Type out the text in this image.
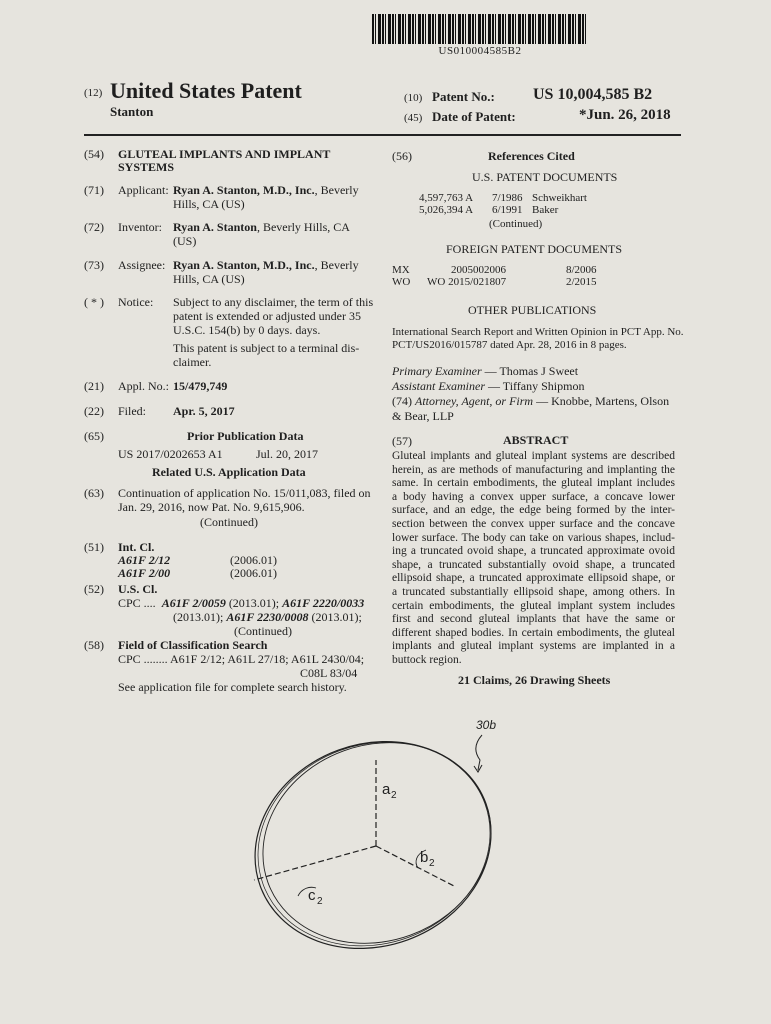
US010004585B2
(12) United States Patent
Stanton
(10) Patent No.: US 10,004,585 B2
(45) Date of Patent:	*Jun. 26, 2018
(54) GLUTEAL IMPLANTS AND IMPLANT
SYSTEMS
(71) Applicant: Ryan A. Stanton, M.D., Inc., Beverly
Hills, CA (US)
(72) Inventor: Ryan A. Stanton, Beverly Hills, CA
(US)
(73) Assignee: Ryan A. Stanton, M.D., Inc., Beverly
Hills, CA (US)
( * ) Notice: Subject to any disclaimer, the term of this
patent is extended or adjusted under 35
U.S.C. 154(b) by 0 days. days.
This patent is subject to a terminal dis-
claimer.
(21) Appl. No.: 15/479,749
(22) Filed: Apr. 5, 2017
(65)	Prior Publication Data
US 2017/0202653 A1	Jul. 20, 2017
Related U.S. Application Data
(63) Continuation of application No. 15/011,083, filed on
Jan. 29, 2016, now Pat. No. 9,615,906.
(Continued)
(51) Int. Cl.
A61F 2/12	(2006.01)
A61F 2/00	(2006.01)
(52) U.S. Cl.
CPC .... A61F 2/0059 (2013.01); A61F 2220/0033
(2013.01); A61F 2230/0008 (2013.01);
(Continued)
(58) Field of Classification Search
CPC ........ A61F 2/12; A61L 27/18; A61L 2430/04;
C08L 83/04
See application file for complete search history.
(56)	References Cited
U.S. PATENT DOCUMENTS
4,597,763 A 7/1986 Schweikhart
5,026,394 A 6/1991 Baker
(Continued)
FOREIGN PATENT DOCUMENTS
MX	2005002006	8/2006
WO WO 2015/021807	2/2015
OTHER PUBLICATIONS
International Search Report and Written Opinion in PCT App. No.
PCT/US2016/015787 dated Apr. 28, 2016 in 8 pages.
Primary Examiner — Thomas J Sweet
Assistant Examiner — Tiffany Shipmon
(74) Attorney, Agent, or Firm — Knobbe, Martens, Olson
& Bear, LLP
(57)	ABSTRACT
Gluteal implants and gluteal implant systems are described
herein, as are methods of manufacturing and implanting the
same. In certain embodiments, the gluteal implant includes
a body having a convex upper surface, a concave lower
surface, and an edge, the edge being formed by the inter-
section between the convex upper surface and the concave
lower surface. The body can take on various shapes, includ-
ing a truncated ovoid shape, a truncated approximate ovoid
shape, a truncated substantially ovoid shape, a truncated
ellipsoid shape, a truncated approximate ellipsoid shape, or
a truncated substantially ellipsoid shape, among others. In
certain embodiments, the gluteal implant system includes
first and second gluteal implants that have the same or
different shaped bodies. In certain embodiments, the gluteal
implants and gluteal implant systems are implanted in a
buttock region.
21 Claims, 26 Drawing Sheets
30b
a 2
b 2
c 2
